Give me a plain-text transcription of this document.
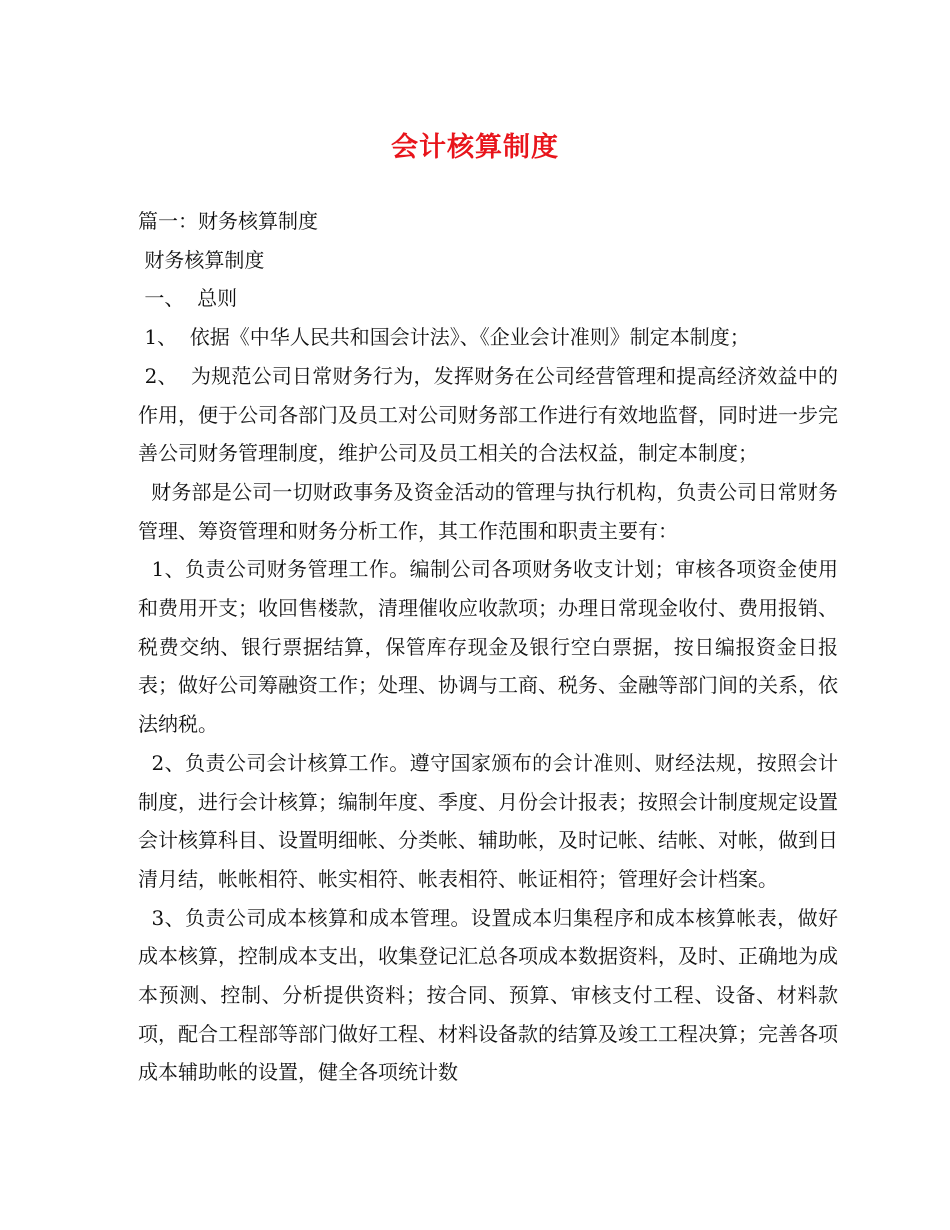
会计核算制度

篇一：财务核算制度

财务核算制度

一、  总则

1、  依据《中华人民共和国会计法》、《企业会计准则》制定本制度；

2、  为规范公司日常财务行为，发挥财务在公司经营管理和提高经济效益中的作用，便于公司各部门及员工对公司财务部工作进行有效地监督，同时进一步完善公司财务管理制度，维护公司及员工相关的合法权益，制定本制度；

财务部是公司一切财政事务及资金活动的管理与执行机构，负责公司日常财务管理、筹资管理和财务分析工作，其工作范围和职责主要有：

1、负责公司财务管理工作。编制公司各项财务收支计划；审核各项资金使用和费用开支；收回售楼款，清理催收应收款项；办理日常现金收付、费用报销、税费交纳、银行票据结算，保管库存现金及银行空白票据，按日编报资金日报表；做好公司筹融资工作；处理、协调与工商、税务、金融等部门间的关系，依法纳税。

2、负责公司会计核算工作。遵守国家颁布的会计准则、财经法规，按照会计制度，进行会计核算；编制年度、季度、月份会计报表；按照会计制度规定设置会计核算科目、设置明细帐、分类帐、辅助帐，及时记帐、结帐、对帐，做到日清月结，帐帐相符、帐实相符、帐表相符、帐证相符；管理好会计档案。

3、负责公司成本核算和成本管理。设置成本归集程序和成本核算帐表，做好成本核算，控制成本支出，收集登记汇总各项成本数据资料，及时、正确地为成本预测、控制、分析提供资料；按合同、预算、审核支付工程、设备、材料款项，配合工程部等部门做好工程、材料设备款的结算及竣工工程决算；完善各项成本辅助帐的设置，健全各项统计数
